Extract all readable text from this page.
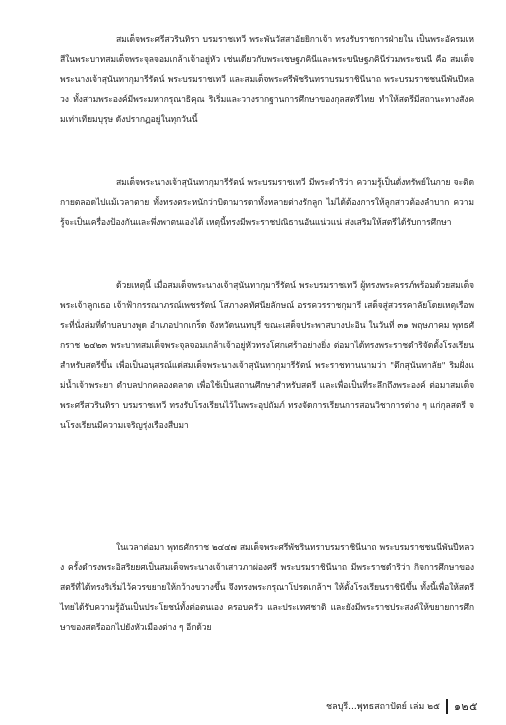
สมเด็จพระศรีสวรินทิรา บรมราชเทวี พระพันวัสสาอัยยิกาเจ้า ทรงรับราชการฝ่ายใน เป็นพระอัครมเหสีในพระบาทสมเด็จพระจุลจอมเกล้าเจ้าอยู่หัว เช่นเดียวกับพระเชษฐภคินีและพระขนิษฐภคินีร่วมพระชนนี คือ สมเด็จพระนางเจ้าสุนันทากุมารีรัตน์ พระบรมราชเทวี และสมเด็จพระศรีพัชรินทราบรมราชินีนาถ พระบรมราชชนนีพันปีหลวง ทั้งสามพระองค์มีพระมหากรุณาธิคุณ ริเริ่มและวางรากฐานการศึกษาของกุลสตรีไทย ทำให้สตรีมีสถานะทางสังคมเท่าเทียมบุรุษ ดังปรากฏอยู่ในทุกวันนี้

สมเด็จพระนางเจ้าสุนันทากุมารีรัตน์ พระบรมราชเทวี มีพระดำริว่า ความรู้เป็นดั่งทรัพย์ในกาย จะติดกายตลอดไปแม้เวลาตาย ทั้งทรงตระหนักว่าบิดามารดาทั้งหลายต่างรักลูก ไม่ได้ต้องการให้ลูกสาวต้องลำบาก ความรู้จะเป็นเครื่องป้องกันและพึ่งพาตนเองได้ เหตุนี้ทรงมีพระราชปณิธานอันแน่วแน่ ส่งเสริมให้สตรีได้รับการศึกษา

ด้วยเหตุนี้ เมื่อสมเด็จพระนางเจ้าสุนันทากุมารีรัตน์ พระบรมราชเทวี ผู้ทรงพระครรภ์พร้อมด้วยสมเด็จพระเจ้าลูกเธอ เจ้าฟ้ากรรณาภรณ์เพชรรัตน์ โสภางคทัศนียลักษณ์ อรรควรราชกุมารี เสด็จสู่สวรรคาลัยโดยเหตุเรือพระที่นั่งล่มที่ตำบลบางพูด อำเภอปากเกร็ด จังหวัดนนทบุรี ขณะเสด็จประพาสบางปะอิน ในวันที่ ๓๑ พฤษภาคม พุทธศักราช ๒๔๒๓ พระบาทสมเด็จพระจุลจอมเกล้าเจ้าอยู่หัวทรงโศกเศร้าอย่างยิ่ง ต่อมาได้ทรงพระราชดำริจัดตั้งโรงเรียนสำหรับสตรีขึ้น เพื่อเป็นอนุสรณ์แด่สมเด็จพระนางเจ้าสุนันทากุมารีรัตน์ พระราชทานนามว่า "ตึกสุนันทาลัย" ริมฝั่งแม่น้ำเจ้าพระยา ตำบลปากคลองตลาด เพื่อใช้เป็นสถานศึกษาสำหรับสตรี และเพื่อเป็นที่ระลึกถึงพระองค์ ต่อมาสมเด็จพระศรีสวรินทิรา บรมราชเทวี ทรงรับโรงเรียนไว้ในพระอุปถัมภ์ ทรงจัดการเรียนการสอนวิชาการต่าง ๆ แก่กุลสตรี จนโรงเรียนมีความเจริญรุ่งเรืองสืบมา

ในเวลาต่อมา พุทธศักราช ๒๔๔๗ สมเด็จพระศรีพัชรินทราบรมราชินีนาถ พระบรมราชชนนีพันปีหลวง ครั้งดำรงพระอิสริยยศเป็นสมเด็จพระนางเจ้าเสาวภาผ่องศรี พระบรมราชินีนาถ มีพระราชดำริว่า กิจการศึกษาของสตรีที่ได้ทรงริเริ่มไว้ควรขยายให้กว้างขวางขึ้น จึงทรงพระกรุณาโปรดเกล้าฯ ให้ตั้งโรงเรียนราชินีขึ้น ทั้งนี้เพื่อให้สตรีไทยได้รับความรู้อันเป็นประโยชน์ทั้งต่อตนเอง ครอบครัว และประเทศชาติ และยังมีพระราชประสงค์ให้ขยายการศึกษาของสตรีออกไปยังหัวเมืองต่าง ๆ อีกด้วย

ชลบุรี...พุทธสถาปัตย์ เล่ม ๒๕ ๑๒๕
